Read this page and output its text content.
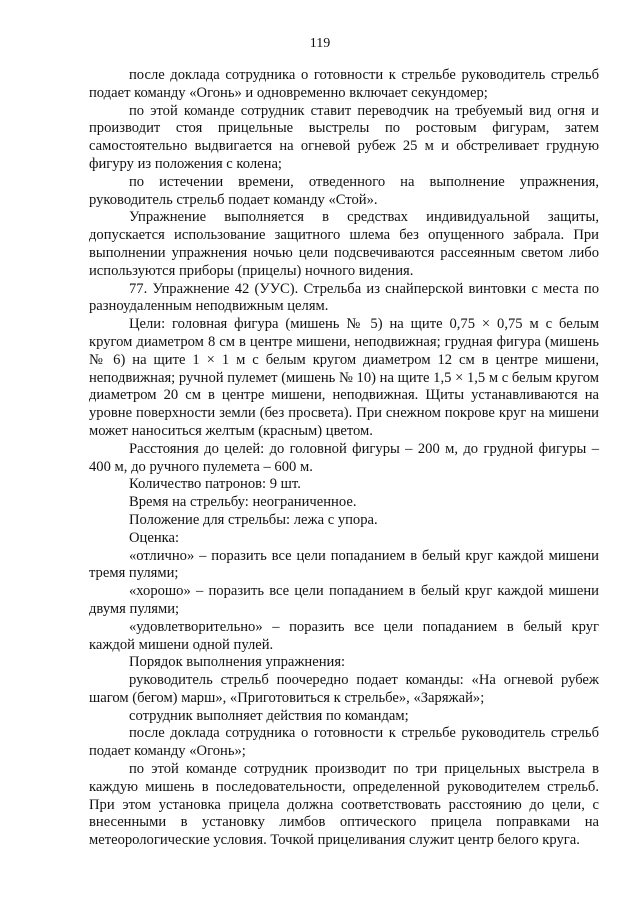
119

после доклада сотрудника о готовности к стрельбе руководитель стрельб подает команду «Огонь» и одновременно включает секундомер;

по этой команде сотрудник ставит переводчик на требуемый вид огня и производит стоя прицельные выстрелы по ростовым фигурам, затем самостоятельно выдвигается на огневой рубеж 25 м и обстреливает грудную фигуру из положения с колена;

по истечении времени, отведенного на выполнение упражнения, руководитель стрельб подает команду «Стой».

Упражнение выполняется в средствах индивидуальной защиты, допускается использование защитного шлема без опущенного забрала. При выполнении упражнения ночью цели подсвечиваются рассеянным светом либо используются приборы (прицелы) ночного видения.

77. Упражнение 42 (УУС). Стрельба из снайперской винтовки с места по разноудаленным неподвижным целям.

Цели: головная фигура (мишень № 5) на щите 0,75 × 0,75 м с белым кругом диаметром 8 см в центре мишени, неподвижная; грудная фигура (мишень № 6) на щите 1 × 1 м с белым кругом диаметром 12 см в центре мишени, неподвижная; ручной пулемет (мишень № 10) на щите 1,5 × 1,5 м с белым кругом диаметром 20 см в центре мишени, неподвижная. Щиты устанавливаются на уровне поверхности земли (без просвета). При снежном покрове круг на мишени может наноситься желтым (красным) цветом.

Расстояния до целей: до головной фигуры – 200 м, до грудной фигуры – 400 м, до ручного пулемета – 600 м.

Количество патронов: 9 шт.

Время на стрельбу: неограниченное.

Положение для стрельбы: лежа с упора.

Оценка:

«отлично» – поразить все цели попаданием в белый круг каждой мишени тремя пулями;

«хорошо» – поразить все цели попаданием в белый круг каждой мишени двумя пулями;

«удовлетворительно» – поразить все цели попаданием в белый круг каждой мишени одной пулей.

Порядок выполнения упражнения:

руководитель стрельб поочередно подает команды: «На огневой рубеж шагом (бегом) марш», «Приготовиться к стрельбе», «Заряжай»;

сотрудник выполняет действия по командам;

после доклада сотрудника о готовности к стрельбе руководитель стрельб подает команду «Огонь»;

по этой команде сотрудник производит по три прицельных выстрела в каждую мишень в последовательности, определенной руководителем стрельб. При этом установка прицела должна соответствовать расстоянию до цели, с внесенными в установку лимбов оптического прицела поправками на метеорологические условия. Точкой прицеливания служит центр белого круга.
